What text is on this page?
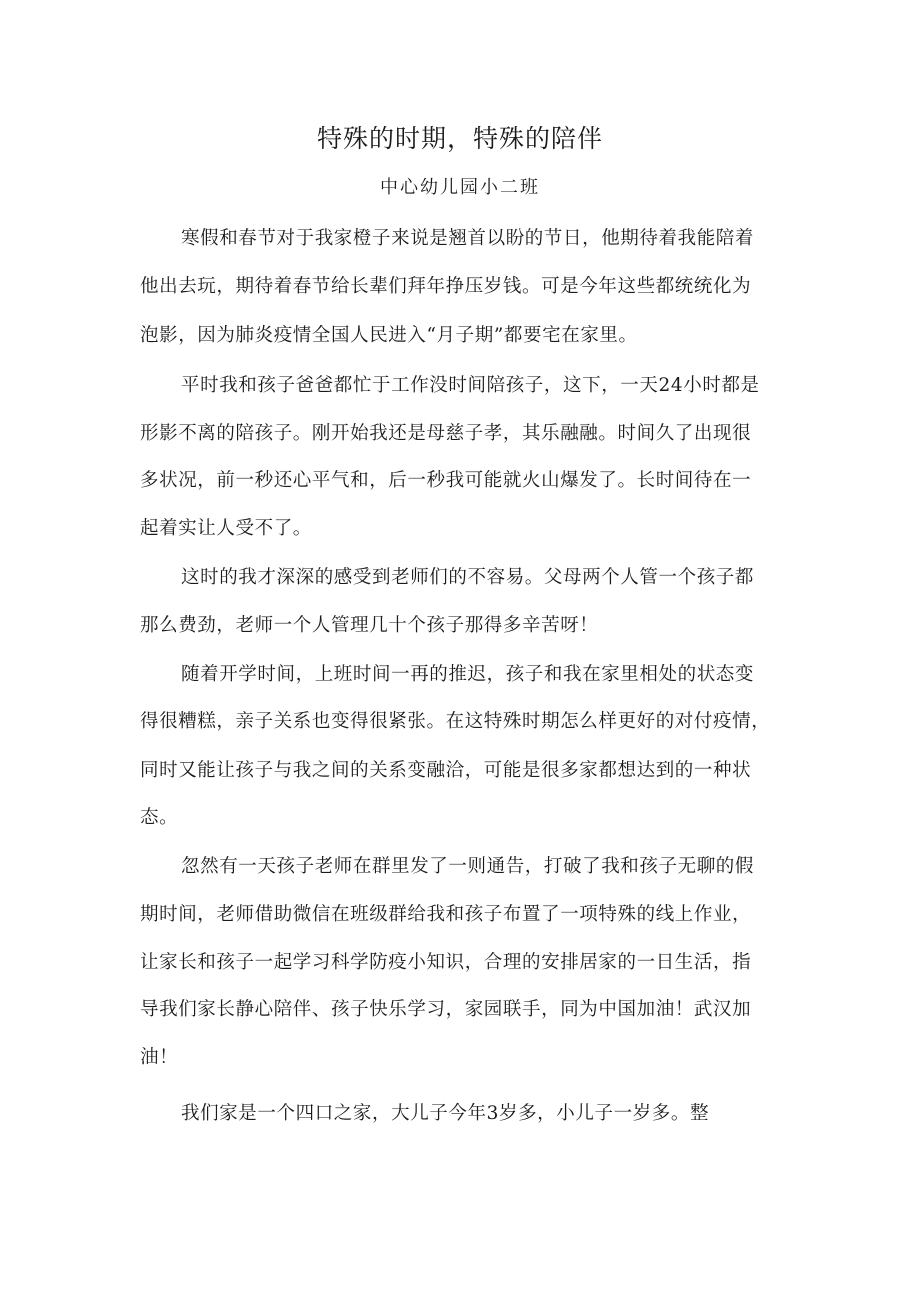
特殊的时期，特殊的陪伴
中心幼儿园小二班
寒假和春节对于我家橙子来说是翘首以盼的节日，他期待着我能陪着
他出去玩，期待着春节给长辈们拜年挣压岁钱。可是今年这些都统统化为
泡影，因为肺炎疫情全国人民进入“月子期”都要宅在家里。
平时我和孩子爸爸都忙于工作没时间陪孩子，这下，一天24小时都是
形影不离的陪孩子。刚开始我还是母慈子孝，其乐融融。时间久了出现很
多状况，前一秒还心平气和，后一秒我可能就火山爆发了。长时间待在一
起着实让人受不了。
这时的我才深深的感受到老师们的不容易。父母两个人管一个孩子都
那么费劲，老师一个人管理几十个孩子那得多辛苦呀！
随着开学时间，上班时间一再的推迟，孩子和我在家里相处的状态变
得很糟糕，亲子关系也变得很紧张。在这特殊时期怎么样更好的对付疫情，
同时又能让孩子与我之间的关系变融洽，可能是很多家都想达到的一种状
态。
忽然有一天孩子老师在群里发了一则通告，打破了我和孩子无聊的假
期时间，老师借助微信在班级群给我和孩子布置了一项特殊的线上作业，
让家长和孩子一起学习科学防疫小知识，合理的安排居家的一日生活，指
导我们家长静心陪伴、孩子快乐学习，家园联手，同为中国加油！武汉加
油！
我们家是一个四口之家，大儿子今年3岁多，小儿子一岁多。整
